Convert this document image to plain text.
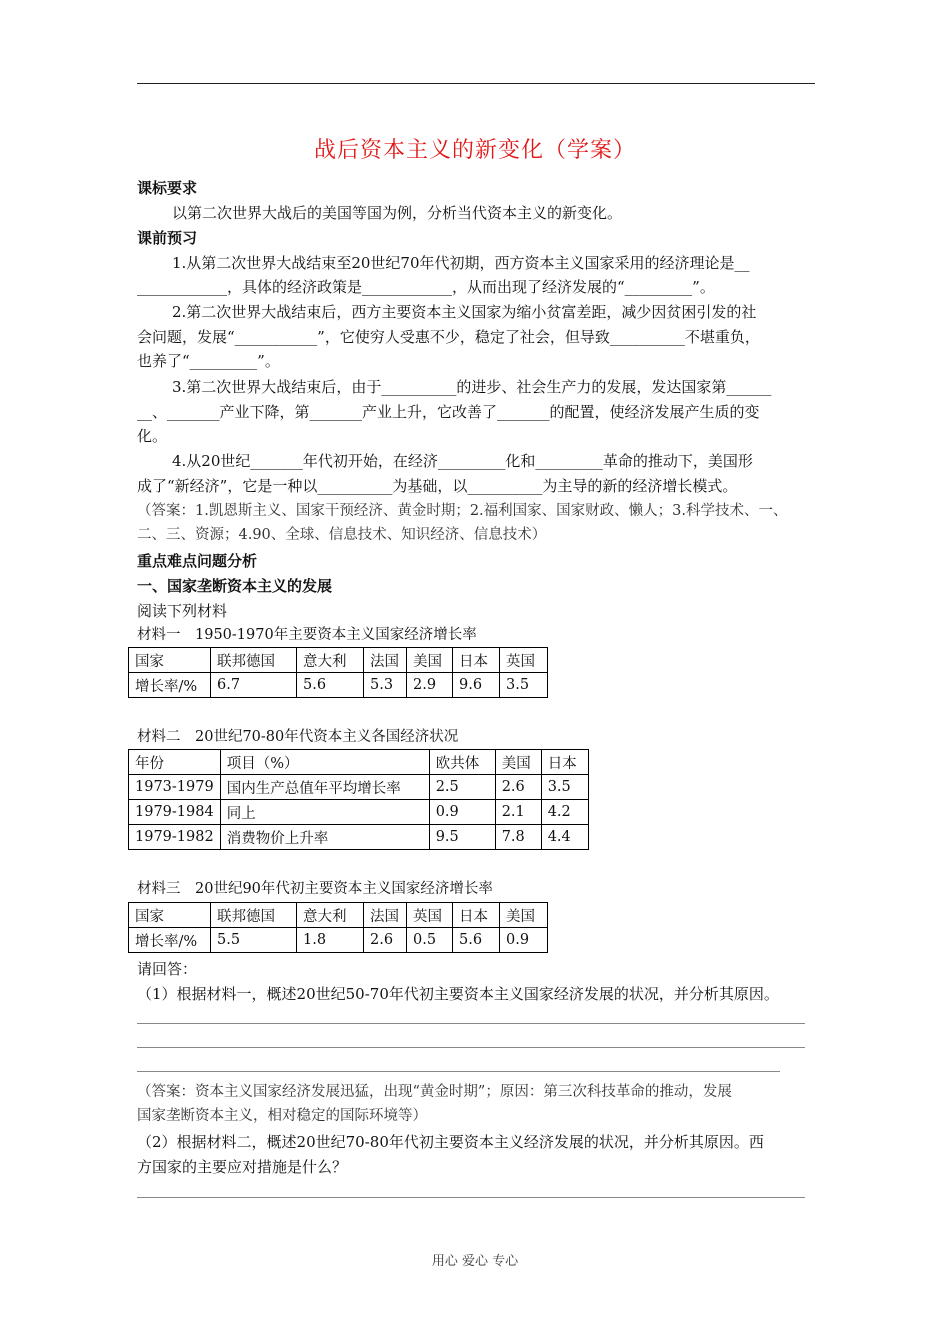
战后资本主义的新变化（学案）
课标要求
以第二次世界大战后的美国等国为例，分析当代资本主义的新变化。
课前预习
1.从第二次世界大战结束至20世纪70年代初期，西方资本主义国家采用的经济理论是__
____________，具体的经济政策是____________，从而出现了经济发展的“_________”。
2.第二次世界大战结束后，西方主要资本主义国家为缩小贫富差距，减少因贫困引发的社
会问题，发展“___________”，它使穷人受惠不少，稳定了社会，但导致__________不堪重负，
也养了“_________”。
3.第二次世界大战结束后，由于__________的进步、社会生产力的发展，发达国家第______
__、_______产业下降，第_______产业上升，它改善了_______的配置，使经济发展产生质的变
化。
4.从20世纪_______年代初开始，在经济_________化和_________革命的推动下，美国形
成了“新经济”，它是一种以__________为基础，以__________为主导的新的经济增长模式。
（答案：1.凯恩斯主义、国家干预经济、黄金时期；2.福利国家、国家财政、懒人；3.科学技术、一、
二、三、资源；4.90、全球、信息技术、知识经济、信息技术）
重点难点问题分析
一、国家垄断资本主义的发展
阅读下列材料
材料一　1950-1970年主要资本主义国家经济增长率
国家	联邦德国	意大利	法国	美国	日本	英国
增长率/%	6.7	5.6	5.3	2.9	9.6	3.5
材料二　20世纪70-80年代资本主义各国经济状况
年份	项目（%）	欧共体	美国	日本
1973-1979	国内生产总值年平均增长率	2.5	2.6	3.5
1979-1984	同上	0.9	2.1	4.2
1979-1982	消费物价上升率	9.5	7.8	4.4
材料三　20世纪90年代初主要资本主义国家经济增长率
国家	联邦德国	意大利	法国	英国	日本	美国
增长率/%	5.5	1.8	2.6	0.5	5.6	0.9
请回答：
（1）根据材料一，概述20世纪50-70年代初主要资本主义国家经济发展的状况，并分析其原因。
（答案：资本主义国家经济发展迅猛，出现“黄金时期”；原因：第三次科技革命的推动，发展
国家垄断资本主义，相对稳定的国际环境等）
（2）根据材料二，概述20世纪70-80年代初主要资本主义经济发展的状况，并分析其原因。西
方国家的主要应对措施是什么？
用心 爱心 专心
